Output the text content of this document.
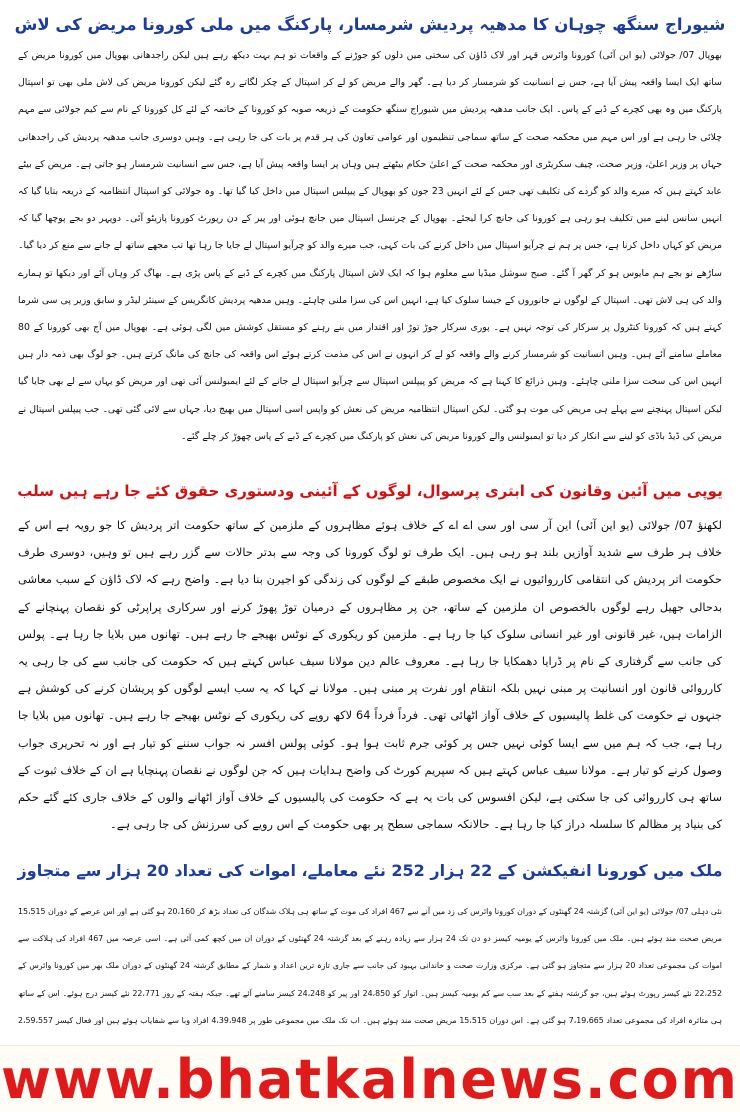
شیوراج سنگھ چوہان کا مدھیہ پردیش شرمسار، پارکنگ میں ملی کورونا مریض کی لاش
بھوپال 07/ جولائی (یو این آئی) کورونا وائرس قہر اور لاک ڈاؤن کی سختی میں دلوں کو جوڑنے کے واقعات تو ہم بہت دیکھ رہے ہیں لیکن راجدھانی بھوپال میں کورونا مریض کے ساتھ ایک ایسا واقعہ پیش آیا ہے، جس نے انسانیت کو شرمسار کر دیا ہے۔ گھر والے مریض کو لے کر اسپتال کے چکر لگاتے رہ گئے لیکن کورونا مریض کی لاش ملی بھی تو اسپتال پارکنگ میں وہ بھی کچرے کے ڈبے کے پاس۔ ایک جانب مدھیہ پردیش میں شیوراج سنگھ حکومت کے ذریعہ صوبہ کو کورونا کے خاتمہ کے لئے کل کورونا کے نام سے کیم جولائی سے مہم چلائی جا رہی ہے اور اس مہم میں محکمہ صحت کے ساتھ سماجی تنظیموں اور عوامی تعاون کی ہر قدم پر بات کی جا رہی ہے۔ وہیں دوسری جانب مدھیہ پردیش کی راجدھانی جہاں پر وزیر اعلیٰ، وزیر صحت، چیف سکریٹری اور محکمہ صحت کے اعلیٰ حکام بیٹھتے ہیں وہاں پر ایسا واقعہ پیش آیا ہے، جس سے انسانیت شرمسار ہو جاتی ہے۔ مریض کے بیٹے عابد کہتے ہیں کہ میرے والد کو گردے کی تکلیف تھی جس کے لئے انہیں 23 جون کو بھوپال کے پیپلس اسپتال میں داخل کیا گیا تھا۔ وہ جولائی کو اسپتال انتظامیہ کے ذریعہ بتایا گیا کہ انہیں سانس لینے میں تکلیف ہو رہی ہے کورونا کی جانچ کرا لیجئے۔ بھوپال کے چرنسل اسپتال میں جانچ ہوئی اور پیر کے دن رپورٹ کورونا پازیٹو آئی۔ دوپہر دو بجے پوچھا گیا کہ مریض کو کہاں داخل کرنا ہے، جس پر ہم نے چرآیو اسپتال میں داخل کرنے کی بات کہی، جب میرے والد کو چرآیو اسپتال لے جایا جا رہا تھا تب مجھے ساتھ لے جانے سے منع کر دیا گیا۔ ساڑھے نو بجے ہم مایوس ہو کر گھر آ گئے۔ صبح سوشل میڈیا سے معلوم ہوا کہ ایک لاش اسپتال پارکنگ میں کچرے کے ڈبے کے پاس پڑی ہے۔ بھاگ کر وہاں آئے اور دیکھا تو ہمارے والد کی ہی لاش تھی۔ اسپتال کے لوگوں نے جانوروں کے جیسا سلوک کیا ہے، انہیں اس کی سزا ملنی چاہئے۔ وہیں مدھیہ پردیش کانگریس کے سینئر لیڈر و سابق وزیر پی سی شرما کہتے ہیں کہ کورونا کنٹرول پر سرکار کی توجہ نہیں ہے۔ پوری سرکار جوڑ توڑ اور اقتدار میں بنے رہنے کو مستقل کوشش میں لگی ہوئی ہے۔ بھوپال میں آج بھی کورونا کے 80 معاملے سامنے آئے ہیں۔ وہیں انسانیت کو شرمسار کرنے والے واقعہ کو لے کر انہوں نے اس کی مذمت کرتے ہوئے اس واقعہ کی جانچ کی مانگ کرتے ہیں۔ جو لوگ بھی ذمہ دار ہیں انہیں اس کی سخت سزا ملنی چاہئے۔ وہیں ذرائع کا کہنا ہے کہ مریض کو پیپلس اسپتال سے چرآیو اسپتال لے جانے کے لئے ایمبولنس آئی تھی اور مریض کو یہاں سے لے بھی جایا گیا لیکن اسپتال پہنچنے سے پہلے ہی مریض کی موت ہو گئی۔ لیکن اسپتال انتظامیہ مریض کی نعش کو واپس اسی اسپتال میں بھیج دیا، جہاں سے لائی گئی تھی۔ جب پیپلس اسپتال نے مریض کی ڈیڈ باڈی کو لینے سے انکار کر دیا تو ایمبولنس والے کورونا مریض کی نعش کو پارکنگ میں کچرے کے ڈبے کے پاس چھوڑ کر چلے گئے۔
یوپی میں آئین وقانون کی ابتری پرسوال، لوگوں کے آئینی ودستوری حقوق کئے جا رہے ہیں سلب
لکھنؤ 07/ جولائی (یو این آئی) این آر سی اور سی اے اے کے خلاف ہوئے مظاہروں کے ملزمین کے ساتھ حکومت اتر پردیش کا جو رویہ ہے اس کے خلاف ہر طرف سے شدید آوازیں بلند ہو رہی ہیں۔ ایک طرف تو لوگ کورونا کی وجہ سے بدتر حالات سے گزر رہے ہیں تو وہیں، دوسری طرف حکومت اتر پردیش کی انتقامی کارروائیوں نے ایک مخصوص طبقے کے لوگوں کی زندگی کو اجیرن بنا دیا ہے۔ واضح رہے کہ لاک ڈاؤن کے سبب معاشی بدحالی جھیل رہے لوگوں بالخصوص ان ملزمین کے ساتھ، جن پر مظاہروں کے درمیان توڑ پھوڑ کرنے اور سرکاری پراپرٹی کو نقصان پہنچانے کے الزامات ہیں، غیر قانونی اور غیر انسانی سلوک کیا جا رہا ہے۔ ملزمین کو ریکوری کے نوٹس بھیجے جا رہے ہیں۔ تھانوں میں بلایا جا رہا ہے۔ پولس کی جانب سے گرفتاری کے نام پر ڈرایا دھمکایا جا رہا ہے۔ معروف عالم دین مولانا سیف عباس کہتے ہیں کہ حکومت کی جانب سے کی جا رہی یہ کارروائی قانون اور انسانیت پر مبنی نہیں بلکہ انتقام اور نفرت پر مبنی ہیں۔ مولانا نے کہا کہ یہ سب ایسے لوگوں کو پریشان کرنے کی کوشش ہے جنہوں نے حکومت کی غلط پالیسیوں کے خلاف آواز اٹھائی تھی۔ فرداً فرداً 64 لاکھ روپے کی ریکوری کے نوٹس بھیجے جا رہے ہیں۔ تھانوں میں بلایا جا رہا ہے، جب کہ ہم میں سے ایسا کوئی نہیں جس پر کوئی جرم ثابت ہوا ہو۔ کوئی پولس افسر نہ جواب سننے کو تیار ہے اور نہ تحریری جواب وصول کرنے کو تیار ہے۔ مولانا سیف عباس کہتے ہیں کہ سپریم کورٹ کی واضح ہدایات ہیں کہ جن لوگوں نے نقصان پہنچایا ہے ان کے خلاف ثبوت کے ساتھ ہی کارروائی کی جا سکتی ہے، لیکن افسوس کی بات یہ ہے کہ حکومت کی پالیسیوں کے خلاف آواز اٹھانے والوں کے خلاف جاری کئے گئے حکم کی بنیاد پر مظالم کا سلسلہ دراز کیا جا رہا ہے۔ حالانکہ سماجی سطح پر بھی حکومت کے اس رویے کی سرزنش کی جا رہی ہے۔
ملک میں کورونا انفیکشن کے 22 ہزار 252 نئے معاملے، اموات کی تعداد 20 ہزار سے متجاوز
نئی دہلی 07/ جولائی (یو این آئی) گزشتہ 24 گھنٹوں کے دوران کورونا وائرس کی زد میں آنے سے 467 افراد کی موت کے ساتھ ہی ہلاک شدگان کی تعداد بڑھ کر 20،160 ہو گئی ہے اور اس عرصے کے دوران 15،515 مریض صحت مند ہوئے ہیں۔ ملک میں کورونا وائرس کے یومیہ کیسز دو دن تک 24 ہزار سے زیادہ رہنے کے بعد گزشتہ 24 گھنٹوں کے دوران ان میں کچھ کمی آئی ہے۔ اسی عرصہ میں 467 افراد کی ہلاکت سے اموات کی مجموعی تعداد 20 ہزار سے متجاوز ہو گئی ہے۔ مرکزی وزارت صحت و خاندانی بہبود کی جانب سے جاری تازہ ترین اعداد و شمار کے مطابق گزشتہ 24 گھنٹوں کے دوران ملک بھر میں کورونا وائرس کے 22،252 نئے کیسز رپورٹ ہوئے ہیں، جو گزشتہ ہفتے کے بعد سب سے کم یومیہ کیسز ہیں۔ اتوار کو 24،850 اور پیر کو 24،248 کیسز سامنے آئے تھے۔ جبکہ ہفتہ کے روز 22،771 نئے کیسز درج ہوئے۔ اس کے ساتھ ہی متاثرہ افراد کی مجموعی تعداد 7،19،665 ہو گئی ہے۔ اس دوران 15،515 مریض صحت مند ہوئے ہیں۔ اب تک ملک میں مجموعی طور پر 4،39،948 افراد وبا سے شفایاب ہوئے ہیں اور فعال کیسز 2،59،557
www.bhatkalnews.com
